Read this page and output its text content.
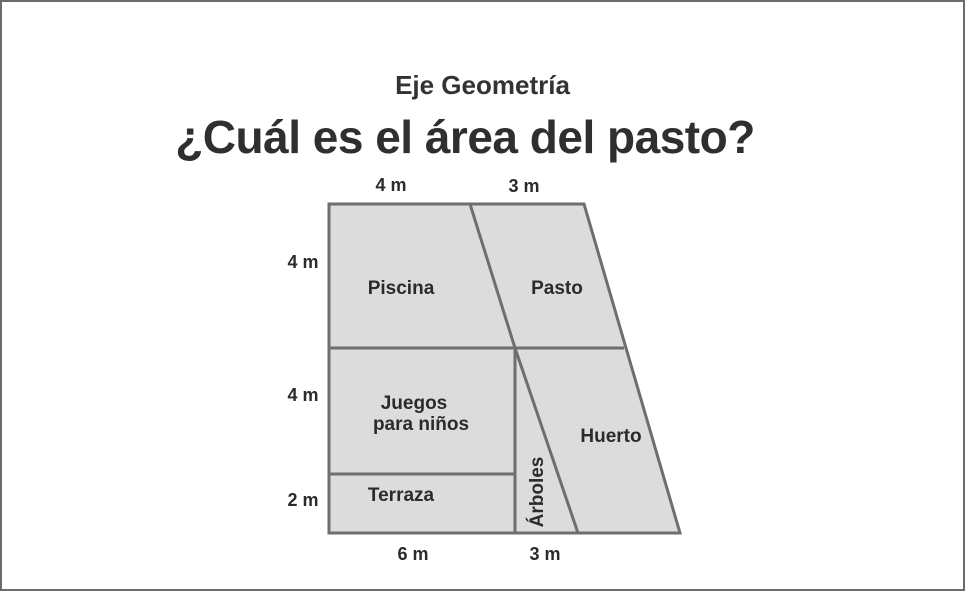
Eje Geometría
¿Cuál es el área del pasto?
4 m	3 m
4 m
4 m
2 m
6 m	3 m
Piscina	Pasto
Juegos
para niños
Terraza	Árboles
Huerto
